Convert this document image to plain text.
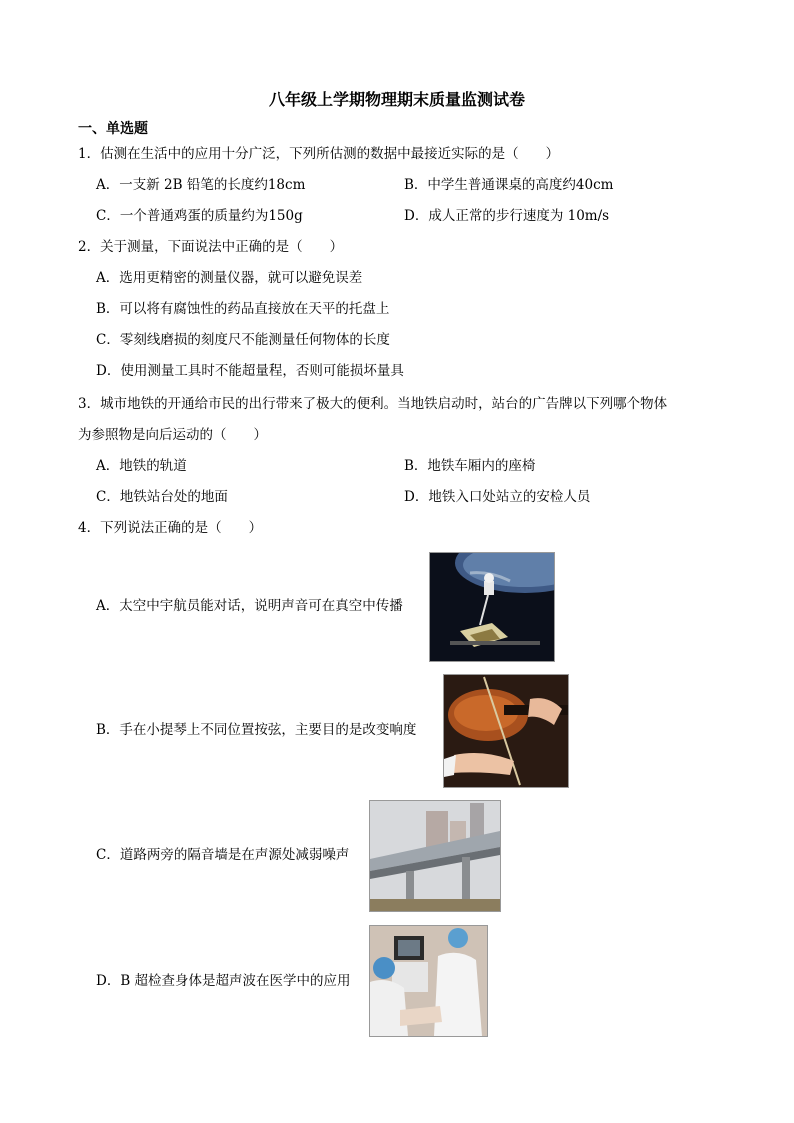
八年级上学期物理期末质量监测试卷
一、单选题
1．估测在生活中的应用十分广泛，下列所估测的数据中最接近实际的是（　　）
A．一支新 2B 铅笔的长度约18cm	B．中学生普通课桌的高度约40cm
C．一个普通鸡蛋的质量约为150g	D．成人正常的步行速度为 10m/s
2．关于测量，下面说法中正确的是（　　）
A．选用更精密的测量仪器，就可以避免误差
B．可以将有腐蚀性的药品直接放在天平的托盘上
C．零刻线磨损的刻度尺不能测量任何物体的长度
D．使用测量工具时不能超量程，否则可能损坏量具
3．城市地铁的开通给市民的出行带来了极大的便利。当地铁启动时，站台的广告牌以下列哪个物体
为参照物是向后运动的（　　）
A．地铁的轨道	B．地铁车厢内的座椅
C．地铁站台处的地面	D．地铁入口处站立的安检人员
4．下列说法正确的是（　　）
A．太空中宇航员能对话，说明声音可在真空中传播
B．手在小提琴上不同位置按弦，主要目的是改变响度
C．道路两旁的隔音墙是在声源处减弱噪声
D．B 超检查身体是超声波在医学中的应用
